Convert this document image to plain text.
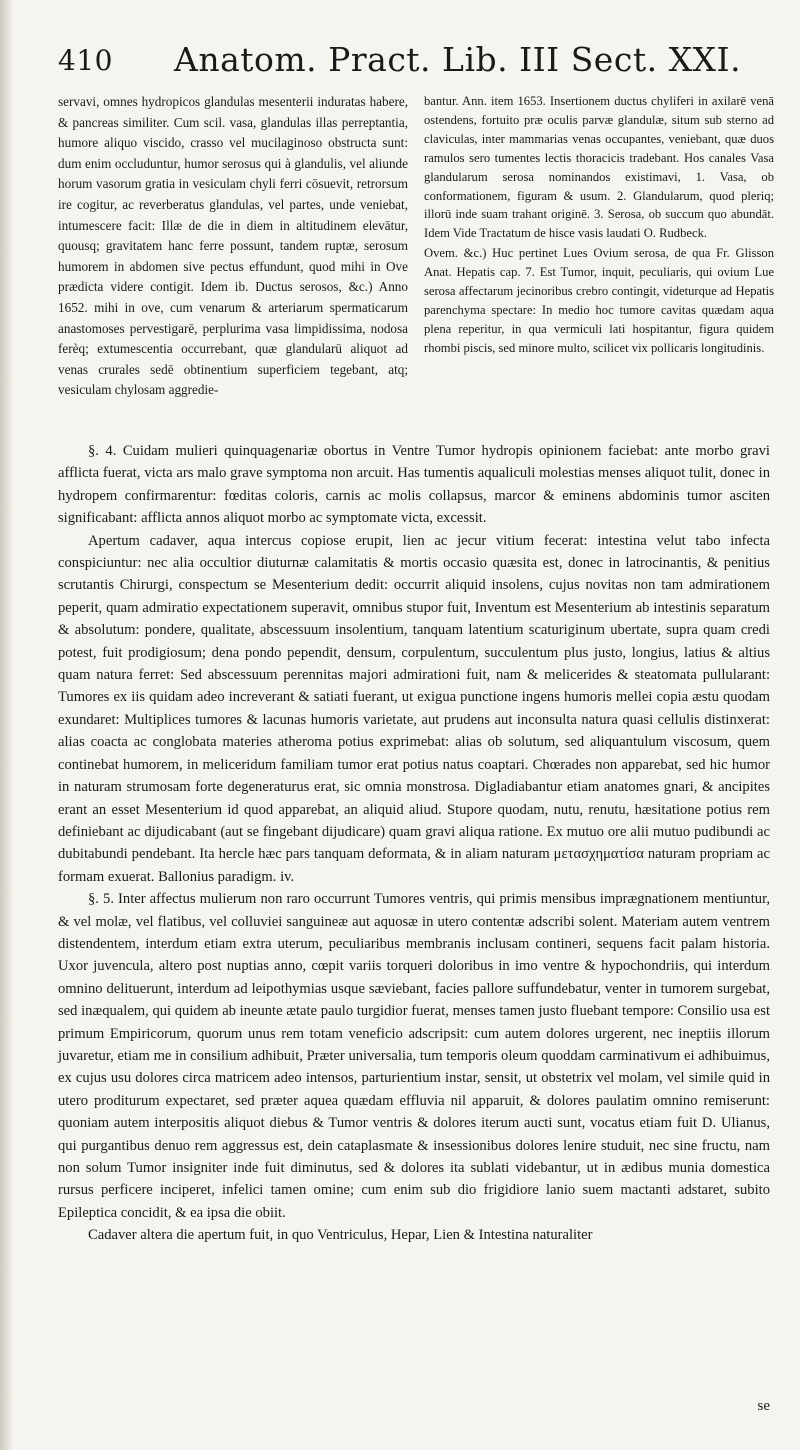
410 Anatom. Pract. Lib. III Sect. XXI.

servavi, omnes hydropicos glandulas mesenterii induratas habere, & pancreas similiter. Cum scil. vasa, glandulas illas perreptantia, humore aliquo viscido, crasso vel mucilaginoso obstructa sunt: dum enim occluduntur, humor serosus qui à glandulis, vel aliunde horum vasorum gratia in vesiculam chyli ferri cōsuevit, retrorsum ire cogitur, ac reverberatus glandulas, vel partes, unde veniebat, intumescere facit: Illæ de die in diem in altitudinem elevātur, quousq; gravitatem hanc ferre possunt, tandem ruptæ, serosum humorem in abdomen sive pectus effundunt, quod mihi in Ove prædicta videre contigit. Idem ib. Ductus serosos, &c.) Anno 1652. mihi in ove, cum venarum & arteriarum spermaticarum anastomoses pervestigarē, perplurima vasa limpidissima, nodosa ferèq; extumescentia occurrebant, quæ glandularū aliquot ad venas crurales sedē obtinentium superficiem tegebant, atq; vesiculam chylosam aggredie-

bantur. Ann. item 1653. Insertionem ductus chyliferi in axilarē venā ostendens, fortuito præ oculis parvæ glandulæ, situm sub sterno ad claviculas, inter mammarias venas occupantes, veniebant, quæ duos ramulos sero tumentes lectis thoracicis tradebant. Hos canales Vasa glandularum serosa nominandos existimavi, 1. Vasa, ob conformationem, figuram & usum. 2. Glandularum, quod pleriq; illorū inde suam trahant originē. 3. Serosa, ob succum quo abundāt. Idem Vide Tractatum de hisce vasis laudati O. Rudbeck.

Ovem. &c.) Huc pertinet Lues Ovium serosa, de qua Fr. Glisson Anat. Hepatis cap. 7. Est Tumor, inquit, peculiaris, qui ovium Lue serosa affectarum jecinoribus crebro contingit, videturque ad Hepatis parenchyma spectare: In medio hoc tumore cavitas quædam aqua plena reperitur, in qua vermiculi lati hospitantur, figura quidem rhombi piscis, sed minore multo, scilicet vix pollicaris longitudinis.

§. 4. Cuidam mulieri quinquagenariæ obortus in Ventre Tumor hydropis opinionem faciebat: ante morbo gravi afflicta fuerat, victa ars malo grave symptoma non arcuit. Has tumentis aqualiculi molestias menses aliquot tulit, donec in hydropem confirmarentur: fœditas coloris, carnis ac molis collapsus, marcor & eminens abdominis tumor asciten significabant: afflicta annos aliquot morbo ac symptomate victa, excessit.

Apertum cadaver, aqua intercus copiose erupit, lien ac jecur vitium fecerat: intestina velut tabo infecta conspiciuntur: nec alia occultior diuturnæ calamitatis & mortis occasio quæsita est, donec in latrocinantis, & penitius scrutantis Chirurgi, conspectum se Mesenterium dedit: occurrit aliquid insolens, cujus novitas non tam admirationem peperit, quam admiratio expectationem superavit, omnibus stupor fuit, Inventum est Mesenterium ab intestinis separatum & absolutum: pondere, qualitate, abscessuum insolentium, tanquam latentium scaturiginum ubertate, supra quam credi potest, fuit prodigiosum; dena pondo pependit, densum, corpulentum, succulentum plus justo, longius, latius & altius quam natura ferret: Sed abscessuum perennitas majori admirationi fuit, nam & melicerides & steatomata pullularant: Tumores ex iis quidam adeo increverant & satiati fuerant, ut exigua punctione ingens humoris mellei copia æstu quodam exundaret: Multiplices tumores & lacunas humoris varietate, aut prudens aut inconsulta natura quasi cellulis distinxerat: alias coacta ac conglobata materies atheroma potius exprimebat: alias ob solutum, sed aliquantulum viscosum, quem continebat humorem, in meliceridum familiam tumor erat potius natus coaptari. Chœrades non apparebat, sed hic humor in naturam strumosam forte degeneraturus erat, sic omnia monstrosa. Digladiabantur etiam anatomes gnari, & ancipites erant an esset Mesenterium id quod apparebat, an aliquid aliud. Stupore quodam, nutu, renutu, hæsitatione potius rem definiebant ac dijudicabant (aut se fingebant dijudicare) quam gravi aliqua ratione. Ex mutuo ore alii mutuo pudibundi ac dubitabundi pendebant. Ita hercle hæc pars tanquam deformata, & in aliam naturam μετασχηματίσα naturam propriam ac formam exuerat. Ballonius paradigm. iv.

§. 5. Inter affectus mulierum non raro occurrunt Tumores ventris, qui primis mensibus imprægnationem mentiuntur, & vel molæ, vel flatibus, vel colluviei sanguineæ aut aquosæ in utero contentæ adscribi solent. Materiam autem ventrem distendentem, interdum etiam extra uterum, peculiaribus membranis inclusam contineri, sequens facit palam historia. Uxor juvencula, altero post nuptias anno, cœpit variis torqueri doloribus in imo ventre & hypochondriis, qui interdum omnino delituerunt, interdum ad leipothymias usque sæviebant, facies pallore suffundebatur, venter in tumorem surgebat, sed inæqualem, qui quidem ab ineunte ætate paulo turgidior fuerat, menses tamen justo fluebant tempore: Consilio usa est primum Empiricorum, quorum unus rem totam veneficio adscripsit: cum autem dolores urgerent, nec ineptiis illorum juvaretur, etiam me in consilium adhibuit, Præter universalia, tum temporis oleum quoddam carminativum ei adhibuimus, ex cujus usu dolores circa matricem adeo intensos, parturientium instar, sensit, ut obstetrix vel molam, vel simile quid in utero proditurum expectaret, sed præter aquea quædam effluvia nil apparuit, & dolores paulatim omnino remiserunt: quoniam autem interpositis aliquot diebus & Tumor ventris & dolores iterum aucti sunt, vocatus etiam fuit D. Ulianus, qui purgantibus denuo rem aggressus est, dein cataplasmate & insessionibus dolores lenire studuit, nec sine fructu, nam non solum Tumor insigniter inde fuit diminutus, sed & dolores ita sublati videbantur, ut in ædibus munia domestica rursus perficere inciperet, infelici tamen omine; cum enim sub dio frigidiore lanio suem mactanti adstaret, subito Epileptica concidit, & ea ipsa die obiit.

Cadaver altera die apertum fuit, in quo Ventriculus, Hepar, Lien & Intestina naturaliter

se
